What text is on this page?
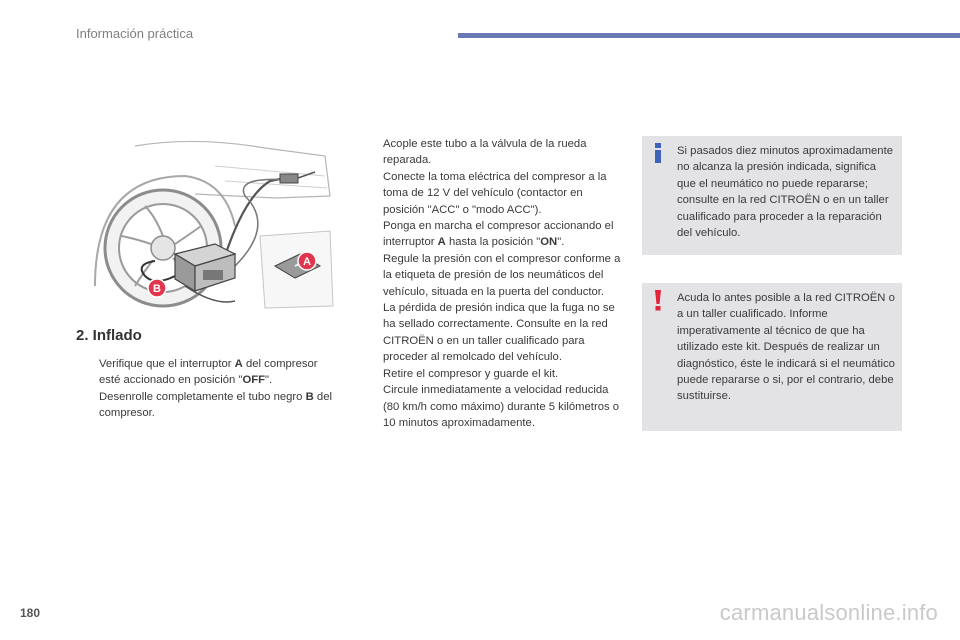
Información práctica
A
B
2. Inflado
Verifique que el interruptor A del compresor esté accionado en posición "OFF".
Desenrolle completamente el tubo negro B del compresor.
Acople este tubo a la válvula de la rueda reparada.
Conecte la toma eléctrica del compresor a la toma de 12 V del vehículo (contactor en posición "ACC" o "modo ACC").
Ponga en marcha el compresor accionando el interruptor A hasta la posición "ON".
Regule la presión con el compresor conforme a la etiqueta de presión de los neumáticos del vehículo, situada en la puerta del conductor.
La pérdida de presión indica que la fuga no se ha sellado correctamente. Consulte en la red CITROËN o en un taller cualificado para proceder al remolcado del vehículo.
Retire el compresor y guarde el kit.
Circule inmediatamente a velocidad reducida (80 km/h como máximo) durante 5 kilómetros o 10 minutos aproximadamente.
Si pasados diez minutos aproximadamente no alcanza la presión indicada, significa que el neumático no puede repararse; consulte en la red CITROËN o en un taller cualificado para proceder a la reparación del vehículo.
Acuda lo antes posible a la red CITROËN o a un taller cualificado. Informe imperativamente al técnico de que ha utilizado este kit. Después de realizar un diagnóstico, éste le indicará si el neumático puede repararse o si, por el contrario, debe sustituirse.
180	carmanualsonline.info
